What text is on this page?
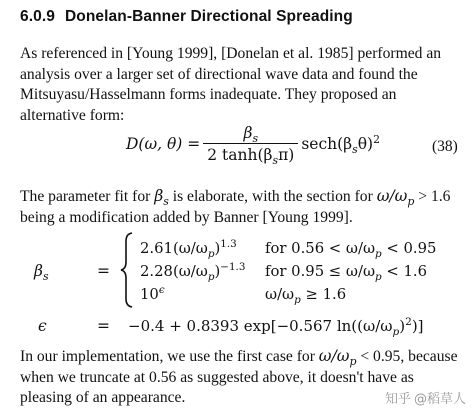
6.0.9 Donelan-Banner Directional Spreading
As referenced in [Young 1999], [Donelan et al. 1985] performed an analysis over a larger set of directional wave data and found the Mitsuyasu/Hasselmann forms inadequate. They proposed an alternative form:
D(ω, $\theta) = \frac{\beta_s}{2 \tanh(\beta_s\pi)} \sec h(\beta_s\theta)^2$	(38)
The parameter fit for $\beta_s$ is elaborate, with the section for $\omega/\omega_p > 1.6$ being a modification added by Banner [Young 1999].
$\beta_s$	=
$2.61(\omega/\omega_p)^{1.3}$ for $0.56 < \omega/\omega_p < 0.95$
$2.28(\omega/\omega_p)^{-1.3}$ for $0.95 \le \omega/\omega_p < 1.6$
$10^\epsilon$	$\omega/\omega_p \ge 1.6$
ϵ	= −0.4 + 0.8393 exp[−0.567 $\ln((\omega/\omega_p)^2)$]
In our implementation, we use the first case for $\omega/\omega_p < 0.95$, because when we truncate at 0.56 as suggested above, it doesn't have as pleasing of an appearance.	知乎 @稻草人
